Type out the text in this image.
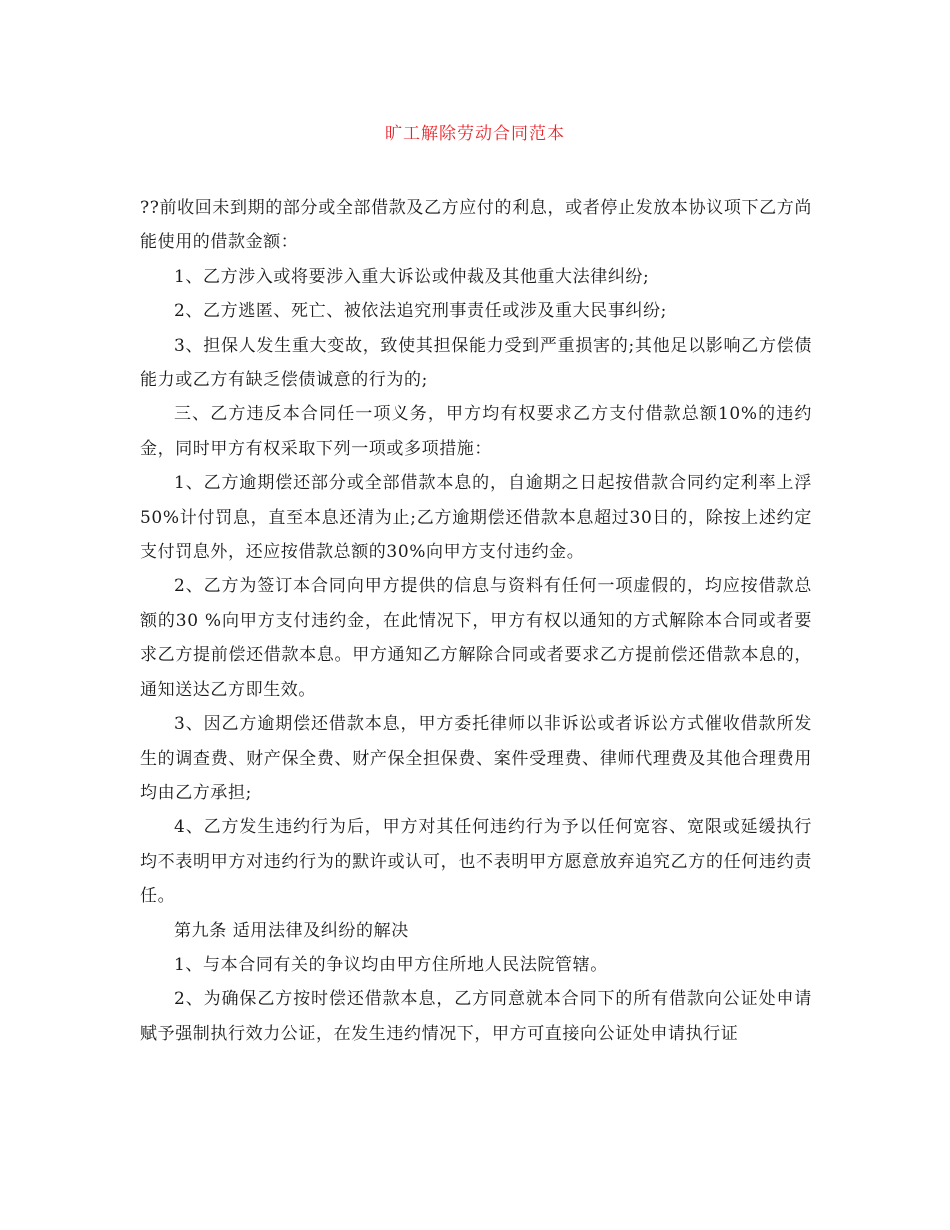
旷工解除劳动合同范本

??前收回未到期的部分或全部借款及乙方应付的利息，或者停止发放本协议项下乙方尚能使用的借款金额：

1、乙方涉入或将要涉入重大诉讼或仲裁及其他重大法律纠纷;

2、乙方逃匿、死亡、被依法追究刑事责任或涉及重大民事纠纷;

3、担保人发生重大变故，致使其担保能力受到严重损害的;其他足以影响乙方偿债能力或乙方有缺乏偿债诚意的行为的;

三、乙方违反本合同任一项义务，甲方均有权要求乙方支付借款总额10%的违约金，同时甲方有权采取下列一项或多项措施：

1、乙方逾期偿还部分或全部借款本息的，自逾期之日起按借款合同约定利率上浮50%计付罚息，直至本息还清为止;乙方逾期偿还借款本息超过30日的，除按上述约定支付罚息外，还应按借款总额的30%向甲方支付违约金。

2、乙方为签订本合同向甲方提供的信息与资料有任何一项虚假的，均应按借款总额的30 %向甲方支付违约金，在此情况下，甲方有权以通知的方式解除本合同或者要求乙方提前偿还借款本息。甲方通知乙方解除合同或者要求乙方提前偿还借款本息的，通知送达乙方即生效。

3、因乙方逾期偿还借款本息，甲方委托律师以非诉讼或者诉讼方式催收借款所发生的调查费、财产保全费、财产保全担保费、案件受理费、律师代理费及其他合理费用均由乙方承担;

4、乙方发生违约行为后，甲方对其任何违约行为予以任何宽容、宽限或延缓执行均不表明甲方对违约行为的默许或认可，也不表明甲方愿意放弃追究乙方的任何违约责任。

第九条 适用法律及纠纷的解决

1、与本合同有关的争议均由甲方住所地人民法院管辖。

2、为确保乙方按时偿还借款本息，乙方同意就本合同下的所有借款向公证处申请赋予强制执行效力公证，在发生违约情况下，甲方可直接向公证处申请执行证
